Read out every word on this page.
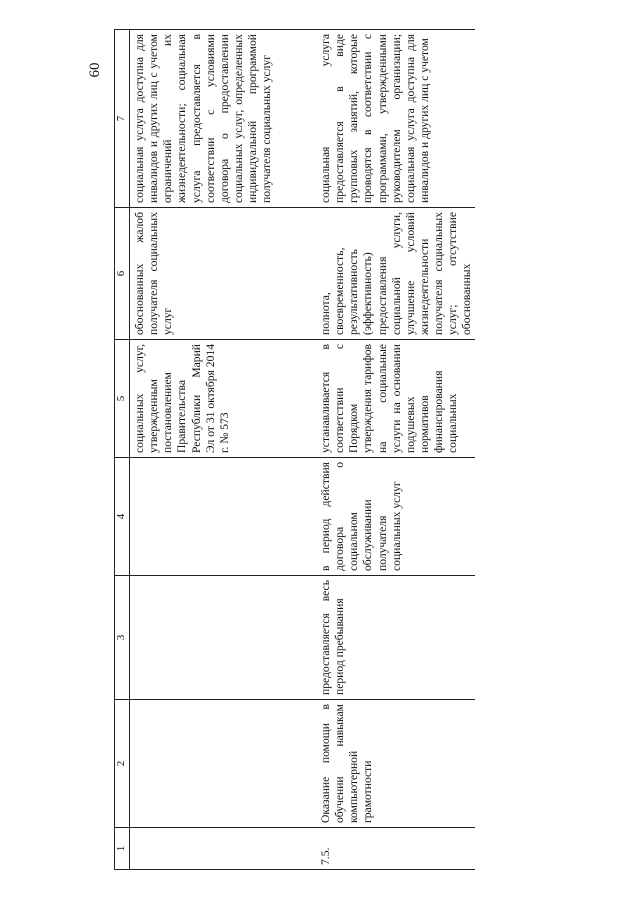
60
1	2	3	4	5	6	7
				социальных услуг, утвержденным постановлением Правительства Республики Марий Эл от 31 октября 2014 г. № 573	обоснованных жалоб получателя социальных услуг	социальная услуга доступна для инвалидов и других лиц с учетом ограничений их жизнедеятельности; социальная услуга предоставляется в соответствии с условиями договора о предоставлении социальных услуг, определенных индивидуальной программой получателя социальных услуг
7.5.	Оказание помощи в обучении навыкам компьютерной грамотности	предоставляется весь период пребывания	в период действия договора о социальном обслуживании получателя социальных услуг	устанавливается в соответствии с Порядком утверждения тарифов на социальные услуги на основании подушевых нормативов финансирования социальных	полнота, своевременность, результативность (эффективность) предоставления социальной услуги, улучшение условий жизнедеятельности получателя социальных услуг; отсутствие обоснованных	социальная услуга предоставляется в виде групповых занятий, которые проводятся в соответствии с программами, утвержденными руководителем организации; социальная услуга доступна для инвалидов и других лиц с учетом
